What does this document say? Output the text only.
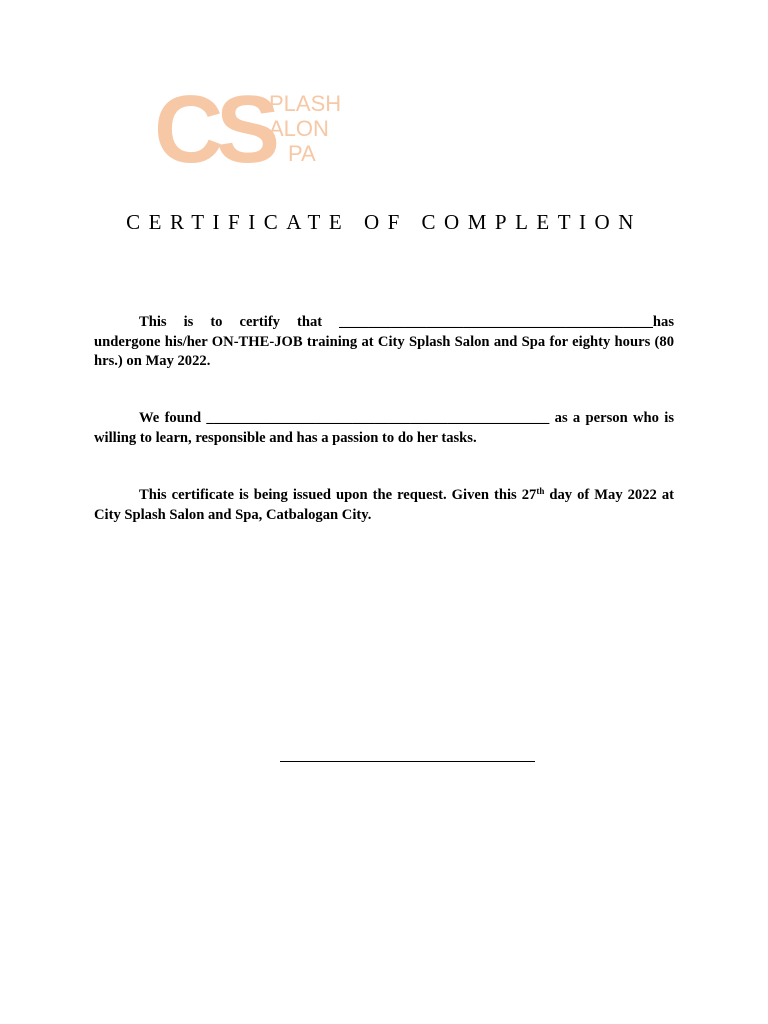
C
S
PLASH
ALON
PA
CERTIFICATE OF COMPLETION

This is to certify that ___________________________________________has undergone his/her ON-THE-JOB training at City Splash Salon and Spa for eighty hours (80 hrs.) on May 2022.

We found _______________________________________________ as a person who is willing to learn, responsible and has a passion to do her tasks.

This certificate is being issued upon the request. Given this 27th day of May 2022 at City Splash Salon and Spa, Catbalogan City.
